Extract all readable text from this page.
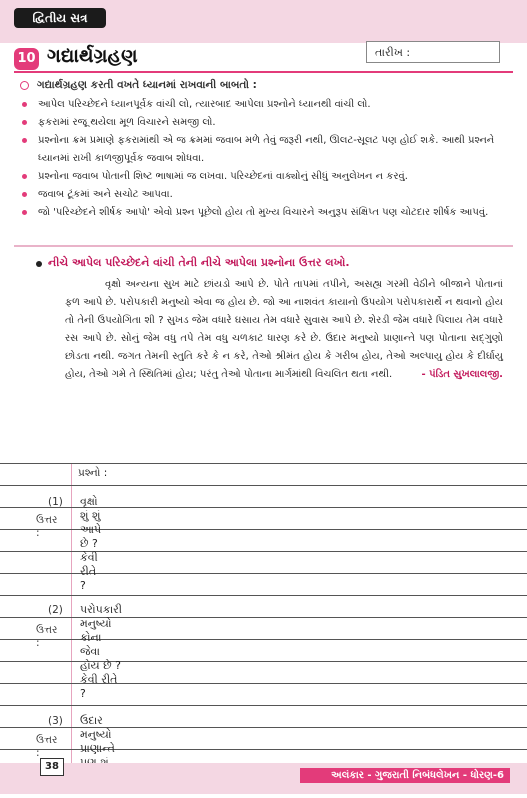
દ્વિતીય સત્ર
10 ગદ્યાર્થગ્રહણ	તારીખ :
ગદ્યાર્થગ્રહણ કરતી વખતે ધ્યાનમાં રાખવાની બાબતો :
આપેલ પરિચ્છેદને ધ્યાનપૂર્વક વાંચી લો, ત્યારબાદ આપેલા પ્રશ્નોને ધ્યાનથી વાંચી લો.
ફકરામાં રજૂ થયેલા મૂળ વિચારને સમજી લો.
પ્રશ્નોના ક્રમ પ્રમાણે ફકરામાંથી એ જ ક્રમમાં જવાબ મળે તેવું જરૂરી નથી, ઊલટ-સૂલટ પણ હોઈ શકે. આથી પ્રશ્નને ધ્યાનમાં રાખી કાળજીપૂર્વક જવાબ શોધવા.
પ્રશ્નોના જવાબ પોતાની શિષ્ટ ભાષામાં જ લખવા. પરિચ્છેદનાં વાક્યોનું સીધું અનુલેખન ન કરવું.
જવાબ ટૂંકમાં અને સચોટ આપવા.
જો 'પરિચ્છેદને શીર્ષક આપો' એવો પ્રશ્ન પૂછેલો હોય તો મુખ્ય વિચારને અનુરૂપ સંક્ષિપ્ત પણ ચોટદાર શીર્ષક આપવું.
નીચે આપેલ પરિચ્છેદને વાંચી તેની નીચે આપેલા પ્રશ્નોના ઉત્તર લખો.
વૃક્ષો અન્યના સુખ માટે છાંયડો આપે છે. પોતે તાપમાં તપીને, અસહ્ય ગરમી વેઠીને બીજાને પોતાનાં ફળ આપે છે. પરોપકારી મનુષ્યો એવા જ હોય છે. જો આ નાશવંત કાયાનો ઉપયોગ પરોપકારાર્થે ન થવાનો હોય તો તેની ઉપયોગિતા શી ? સુખડ જેમ વધારે ઘસાય તેમ વધારે સુવાસ આપે છે. શેરડી જેમ વધારે પિલાય તેમ વધારે રસ આપે છે. સોનું જેમ વધુ તપે તેમ વધુ ચળકાટ ધારણ કરે છે. ઉદાર મનુષ્યો પ્રાણાન્તે પણ પોતાના સદ્ગુણો છોડતા નથી. જગત તેમની સ્તુતિ કરે કે ન કરે, તેઓ શ્રીમંત હોય કે ગરીબ હોય, તેઓ અલ્પાયુ હોય કે દીર્ઘાયુ હોય, તેઓ ગમે તે સ્થિતિમાં હોય; પરંતુ તેઓ પોતાના માર્ગમાંથી વિચલિત થતા નથી.	- પંડિત સુખલાલજી.
પ્રશ્નો :
(1) વૃક્ષો શું શું આપે છે ? કેવી રીતે ?
ઉત્તર :
(2) પરોપકારી મનુષ્યો કોના જેવા હોય છે ? કેવી રીતે ?
ઉત્તર :
(3) ઉદાર મનુષ્યો પ્રાણાન્તે
ઉત્તર :
38
અલંકાર - ગુજરાતી નિબંધલેખન - ધોરણ-6
